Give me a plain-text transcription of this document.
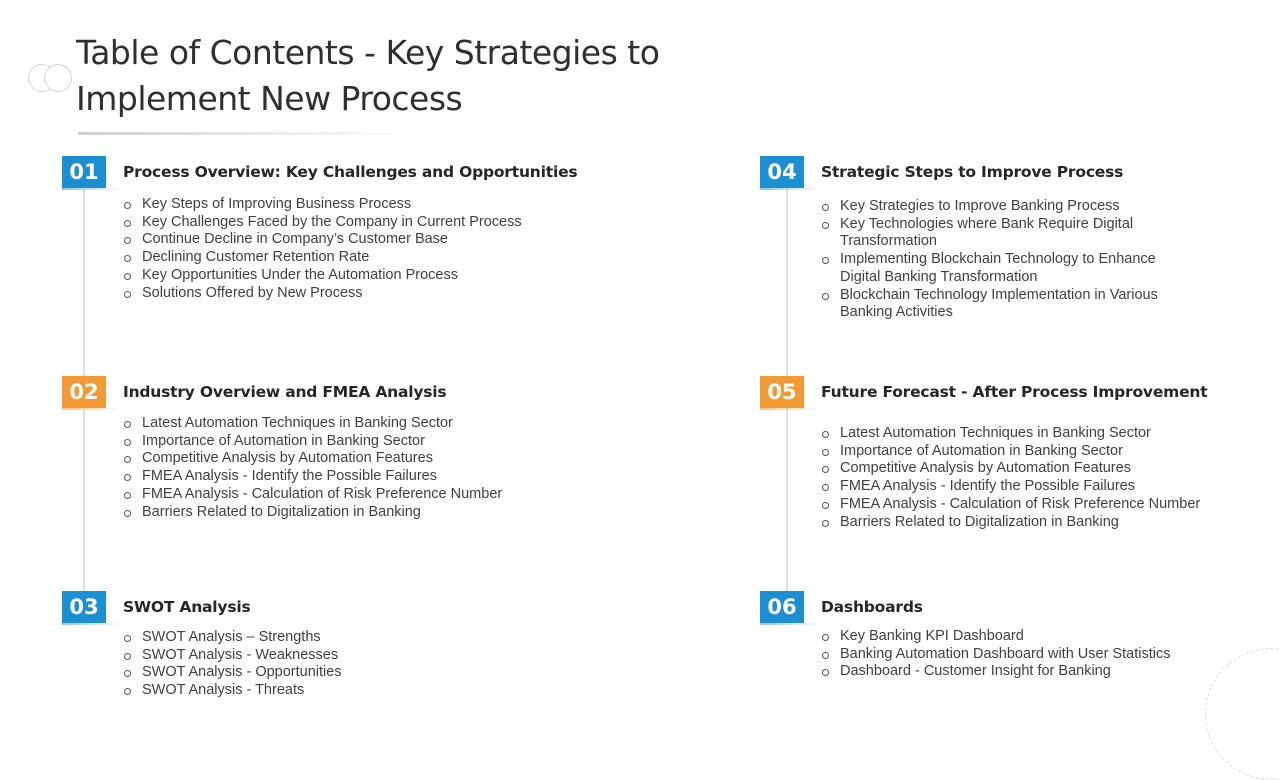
Table of Contents - Key Strategies to Implement New Process
01	Process Overview: Key Challenges and Opportunities
Key Steps of Improving Business Process
Key Challenges Faced by the Company in Current Process
Continue Decline in Company’s Customer Base
Declining Customer Retention Rate
Key Opportunities Under the Automation Process
Solutions Offered by New Process
02	Industry Overview and FMEA Analysis
Latest Automation Techniques in Banking Sector
Importance of Automation in Banking Sector
Competitive Analysis by Automation Features
FMEA Analysis - Identify the Possible Failures
FMEA Analysis - Calculation of Risk Preference Number
Barriers Related to Digitalization in Banking
03	SWOT Analysis
SWOT Analysis – Strengths
SWOT Analysis - Weaknesses
SWOT Analysis - Opportunities
SWOT Analysis - Threats
04	Strategic Steps to Improve Process
Key Strategies to Improve Banking Process
Key Technologies where Bank Require Digital Transformation
Implementing Blockchain Technology to Enhance Digital Banking Transformation
Blockchain Technology Implementation in Various Banking Activities
05	Future Forecast - After Process Improvement
Latest Automation Techniques in Banking Sector
Importance of Automation in Banking Sector
Competitive Analysis by Automation Features
FMEA Analysis - Identify the Possible Failures
FMEA Analysis - Calculation of Risk Preference Number
Barriers Related to Digitalization in Banking
06	Dashboards
Key Banking KPI Dashboard
Banking Automation Dashboard with User Statistics
Dashboard - Customer Insight for Banking
